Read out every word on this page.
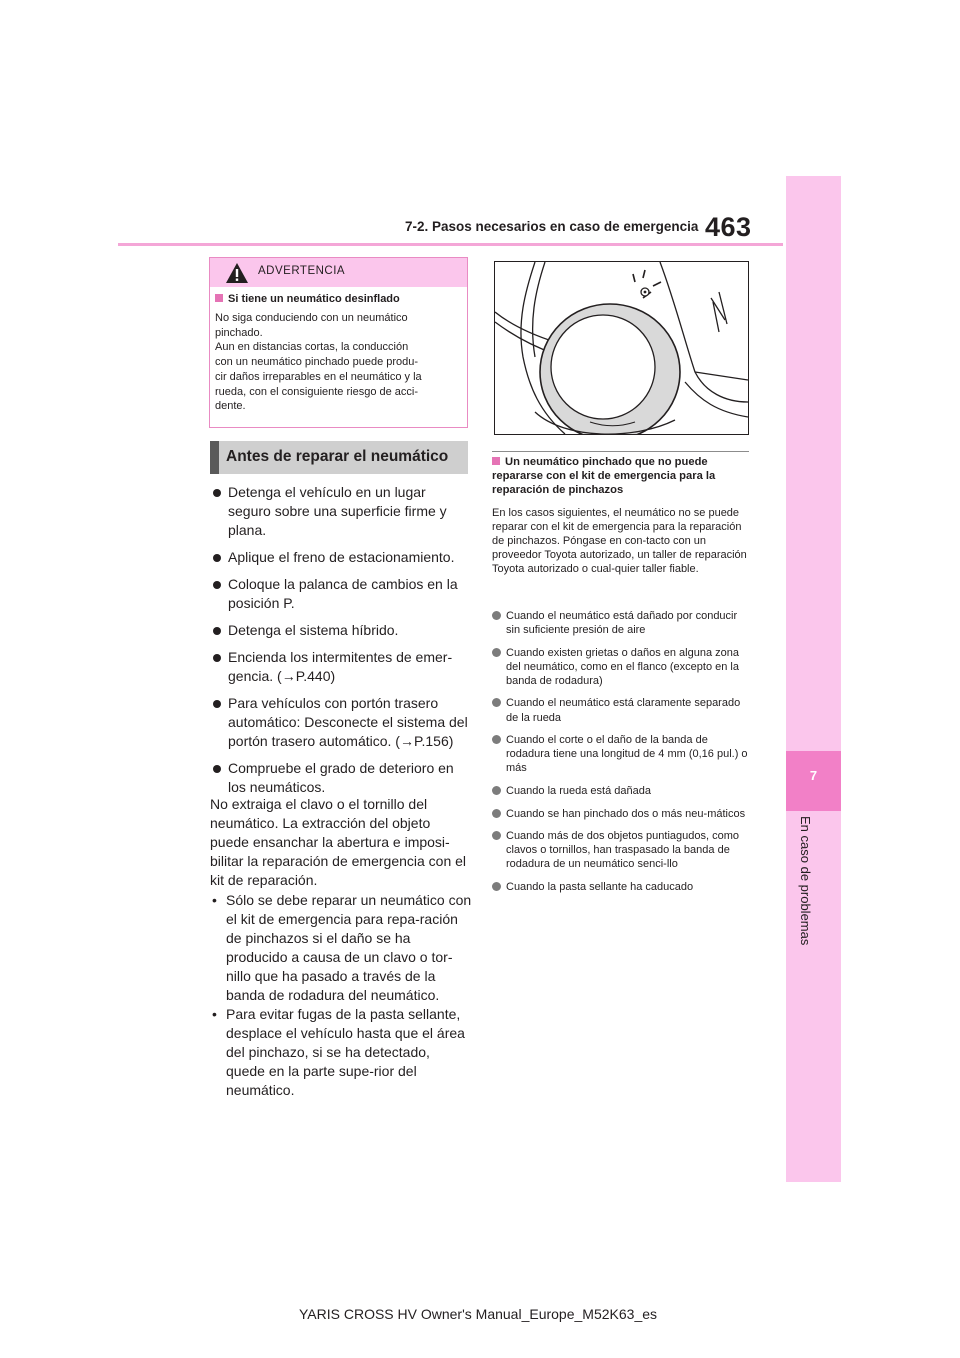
7-2. Pasos necesarios en caso de emergencia 463
7
En caso de problemas
ADVERTENCIA
Si tiene un neumático desinflado
No siga conduciendo con un neumático
pinchado.
Aun en distancias cortas, la conducción
con un neumático pinchado puede produ-
cir daños irreparables en el neumático y la
rueda, con el consiguiente riesgo de acci-
dente.
Antes de reparar el neumático
Detenga el vehículo en un lugar seguro sobre una superficie firme y plana.
Aplique el freno de estacionamiento.
Coloque la palanca de cambios en la posición P.
Detenga el sistema híbrido.
Encienda los intermitentes de emer-gencia. (→P.440)
Para vehículos con portón trasero automático: Desconecte el sistema del portón trasero automático. (→P.156)
Compruebe el grado de deterioro en los neumáticos.
No extraiga el clavo o el tornillo del neumático. La extracción del objeto puede ensanchar la abertura e imposi-bilitar la reparación de emergencia con el kit de reparación.
• Sólo se debe reparar un neumático con el kit de emergencia para repa-ración de pinchazos si el daño se ha producido a causa de un clavo o tor-nillo que ha pasado a través de la banda de rodadura del neumático.
• Para evitar fugas de la pasta sellante, desplace el vehículo hasta que el área del pinchazo, si se ha detectado, quede en la parte supe-rior del neumático.
Un neumático pinchado que no puede repararse con el kit de emergencia para la reparación de pinchazos
En los casos siguientes, el neumático no se puede reparar con el kit de emergencia para la reparación de pinchazos. Póngase en con-tacto con un proveedor Toyota autorizado, un taller de reparación Toyota autorizado o cual-quier taller fiable.
Cuando el neumático está dañado por conducir sin suficiente presión de aire
Cuando existen grietas o daños en alguna zona del neumático, como en el flanco (excepto en la banda de rodadura)
Cuando el neumático está claramente separado de la rueda
Cuando el corte o el daño de la banda de rodadura tiene una longitud de 4 mm (0,16 pul.) o más
Cuando la rueda está dañada
Cuando se han pinchado dos o más neu-máticos
Cuando más de dos objetos puntiagudos, como clavos o tornillos, han traspasado la banda de rodadura de un neumático senci-llo
Cuando la pasta sellante ha caducado
YARIS CROSS HV Owner's Manual_Europe_M52K63_es
